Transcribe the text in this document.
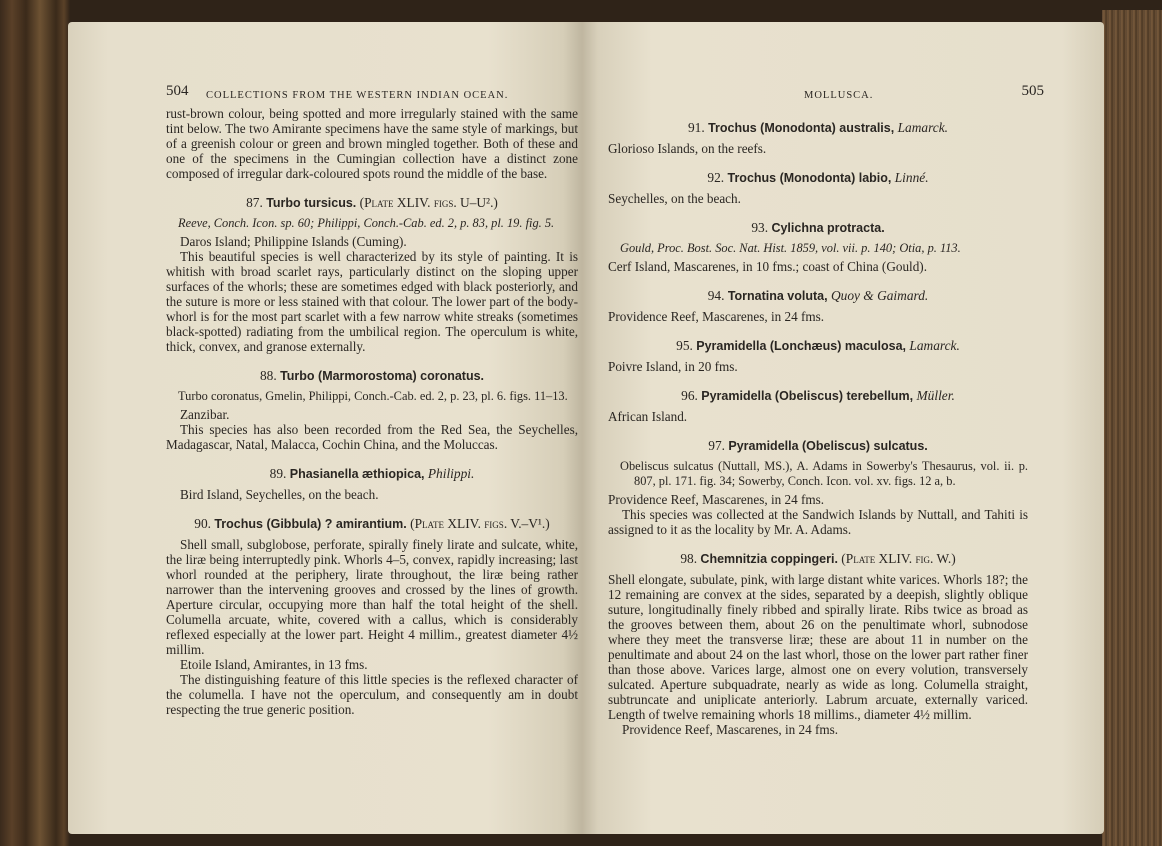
504 COLLECTIONS FROM THE WESTERN INDIAN OCEAN.

rust-brown colour, being spotted and more irregularly stained with the same tint below. The two Amirante specimens have the same style of markings, but of a greenish colour or green and brown mingled together. Both of these and one of the specimens in the Cumingian collection have a distinct zone composed of irregular dark-coloured spots round the middle of the base.

87. Turbo tursicus. (Plate XLIV. figs. U–U².)

Reeve, Conch. Icon. sp. 60; Philippi, Conch.-Cab. ed. 2, p. 83, pl. 19. fig. 5.

Daros Island; Philippine Islands (Cuming).

This beautiful species is well characterized by its style of painting. It is whitish with broad scarlet rays, particularly distinct on the sloping upper surfaces of the whorls; these are sometimes edged with black posteriorly, and the suture is more or less stained with that colour. The lower part of the body-whorl is for the most part scarlet with a few narrow white streaks (sometimes black-spotted) radiating from the umbilical region. The operculum is white, thick, convex, and granose externally.

88. Turbo (Marmorostoma) coronatus.

Turbo coronatus, Gmelin, Philippi, Conch.-Cab. ed. 2, p. 23, pl. 6. figs. 11–13.

Zanzibar.

This species has also been recorded from the Red Sea, the Seychelles, Madagascar, Natal, Malacca, Cochin China, and the Moluccas.

89. Phasianella æthiopica, Philippi.

Bird Island, Seychelles, on the beach.

90. Trochus (Gibbula) ? amirantium. (Plate XLIV. figs. V.–V¹.)

Shell small, subglobose, perforate, spirally finely lirate and sulcate, white, the liræ being interruptedly pink. Whorls 4–5, convex, rapidly increasing; last whorl rounded at the periphery, lirate throughout, the liræ being rather narrower than the intervening grooves and crossed by the lines of growth. Aperture circular, occupying more than half the total height of the shell. Columella arcuate, white, covered with a callus, which is considerably reflexed especially at the lower part. Height 4 millim., greatest diameter 4½ millim.

Etoile Island, Amirantes, in 13 fms.

The distinguishing feature of this little species is the reflexed character of the columella. I have not the operculum, and consequently am in doubt respecting the true generic position.

MOLLUSCA.	505
91. Trochus (Monodonta) australis, Lamarck.

Glorioso Islands, on the reefs.

92. Trochus (Monodonta) labio, Linné.

Seychelles, on the beach.

93. Cylichna protracta.

Gould, Proc. Bost. Soc. Nat. Hist. 1859, vol. vii. p. 140; Otia, p. 113.

Cerf Island, Mascarenes, in 10 fms.; coast of China (Gould).

94. Tornatina voluta, Quoy & Gaimard.

Providence Reef, Mascarenes, in 24 fms.

95. Pyramidella (Lonchæus) maculosa, Lamarck.

Poivre Island, in 20 fms.

96. Pyramidella (Obeliscus) terebellum, Müller.

African Island.

97. Pyramidella (Obeliscus) sulcatus.

Obeliscus sulcatus (Nuttall, MS.), A. Adams in Sowerby's Thesaurus, vol. ii. p. 807, pl. 171. fig. 34; Sowerby, Conch. Icon. vol. xv. figs. 12 a, b.

Providence Reef, Mascarenes, in 24 fms.

This species was collected at the Sandwich Islands by Nuttall, and Tahiti is assigned to it as the locality by Mr. A. Adams.

98. Chemnitzia coppingeri. (Plate XLIV. fig. W.)

Shell elongate, subulate, pink, with large distant white varices. Whorls 18?; the 12 remaining are convex at the sides, separated by a deepish, slightly oblique suture, longitudinally finely ribbed and spirally lirate. Ribs twice as broad as the grooves between them, about 26 on the penultimate whorl, subnodose where they meet the transverse liræ; these are about 11 in number on the penultimate and about 24 on the last whorl, those on the lower part rather finer than those above. Varices large, almost one on every volution, transversely sulcated. Aperture subquadrate, nearly as wide as long. Columella straight, subtruncate and uniplicate anteriorly. Labrum arcuate, externally variced. Length of twelve remaining whorls 18 millims., diameter 4½ millim.

Providence Reef, Mascarenes, in 24 fms.
